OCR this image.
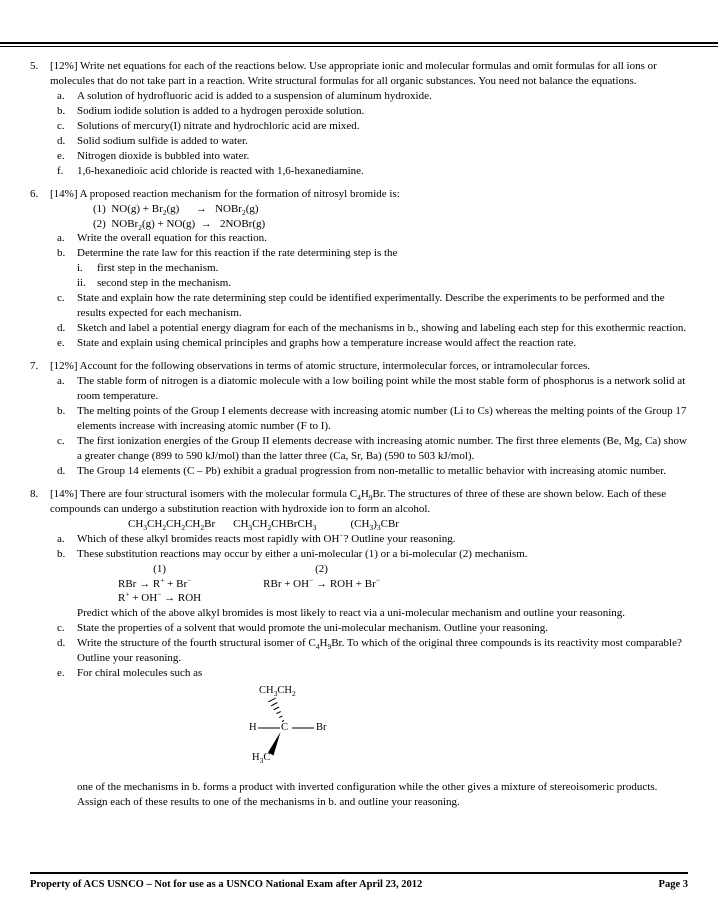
5.	[12%] Write net equations for each of the reactions below. Use appropriate ionic and molecular formulas and omit formulas for all ions or molecules that do not take part in a reaction. Write structural formulas for all organic substances. You need not balance the equations.
a.	A solution of hydrofluoric acid is added to a suspension of aluminum hydroxide.
b.	Sodium iodide solution is added to a hydrogen peroxide solution.
c.	Solutions of mercury(I) nitrate and hydrochloric acid are mixed.
d.	Solid sodium sulfide is added to water.
e.	Nitrogen dioxide is bubbled into water.
f.	1,6-hexanedioic acid chloride is reacted with 1,6-hexanediamine.
6.	[14%] A proposed reaction mechanism for the formation of nitrosyl bromide is:
(1)  $NO(g) + Br_2(g)$      →   NOBr$_2$(g)
(2)  NOBr$_2$(g) + NO(g)  →   2NOBr(g)
a.	Write the overall equation for this reaction.
b.	Determine the rate law for this reaction if the rate determining step is the
i.	first step in the mechanism.
ii.	second step in the mechanism.
c.	State and explain how the rate determining step could be identified experimentally. Describe the experiments to be performed and the results expected for each mechanism.
d.	Sketch and label a potential energy diagram for each of the mechanisms in b., showing and labeling each step for this exothermic reaction.
e.	State and explain using chemical principles and graphs how a temperature increase would affect the reaction rate.
7.	[12%] Account for the following observations in terms of atomic structure, intermolecular forces, or intramolecular forces.
a.	The stable form of nitrogen is a diatomic molecule with a low boiling point while the most stable form of phosphorus is a network solid at room temperature.
b.	The melting points of the Group I elements decrease with increasing atomic number (Li to Cs) whereas the melting points of the Group 17 elements increase with increasing atomic number (F to I).
c.	The first ionization energies of the Group II elements decrease with increasing atomic number. The first three elements (Be, Mg, Ca) show a greater change (899 to 590 kJ/mol) than the latter three (Ca, Sr, Ba) (590 to 503 kJ/mol).
d.	The Group 14 elements (C – Pb) exhibit a gradual progression from non-metallic to metallic behavior with increasing atomic number.
8.	[14%] There are four structural isomers with the molecular formula $C_4H_9Br$. The structures of three of these are shown below. Each of these compounds can undergo a substitution reaction with hydroxide ion to form an alcohol.
$CH_3CH_2CH_2CH_2Br$ $CH_3CH_2CHBrCH_3$	$(CH_3)_3CBr$
a.	Which of these alkyl bromides reacts most rapidly with OH−? Outline your reasoning.
b.	These substitution reactions may occur by either a uni-molecular (1) or a bi-molecular (2) mechanism.
(1)
RBr → R+ + Br−
R+ + OH− → ROH
(2)
RBr + OH− → ROH + Br−
Predict which of the above alkyl bromides is most likely to react via a uni-molecular mechanism and outline your reasoning.
c.	State the properties of a solvent that would promote the uni-molecular mechanism. Outline your reasoning.
d.	Write the structure of the fourth structural isomer of $C_4H_9Br$. To which of the original three compounds is its reactivity most comparable? Outline your reasoning.
e.	For chiral molecules such as
$CH_3CH_2$
H C	Br
$H_3C$
one of the mechanisms in b. forms a product with inverted configuration while the other gives a mixture of stereoisomeric products. Assign each of these results to one of the mechanisms in b. and outline your reasoning.
Property of ACS USNCO – Not for use as a USNCO National Exam after April 23, 2012	Page 3
